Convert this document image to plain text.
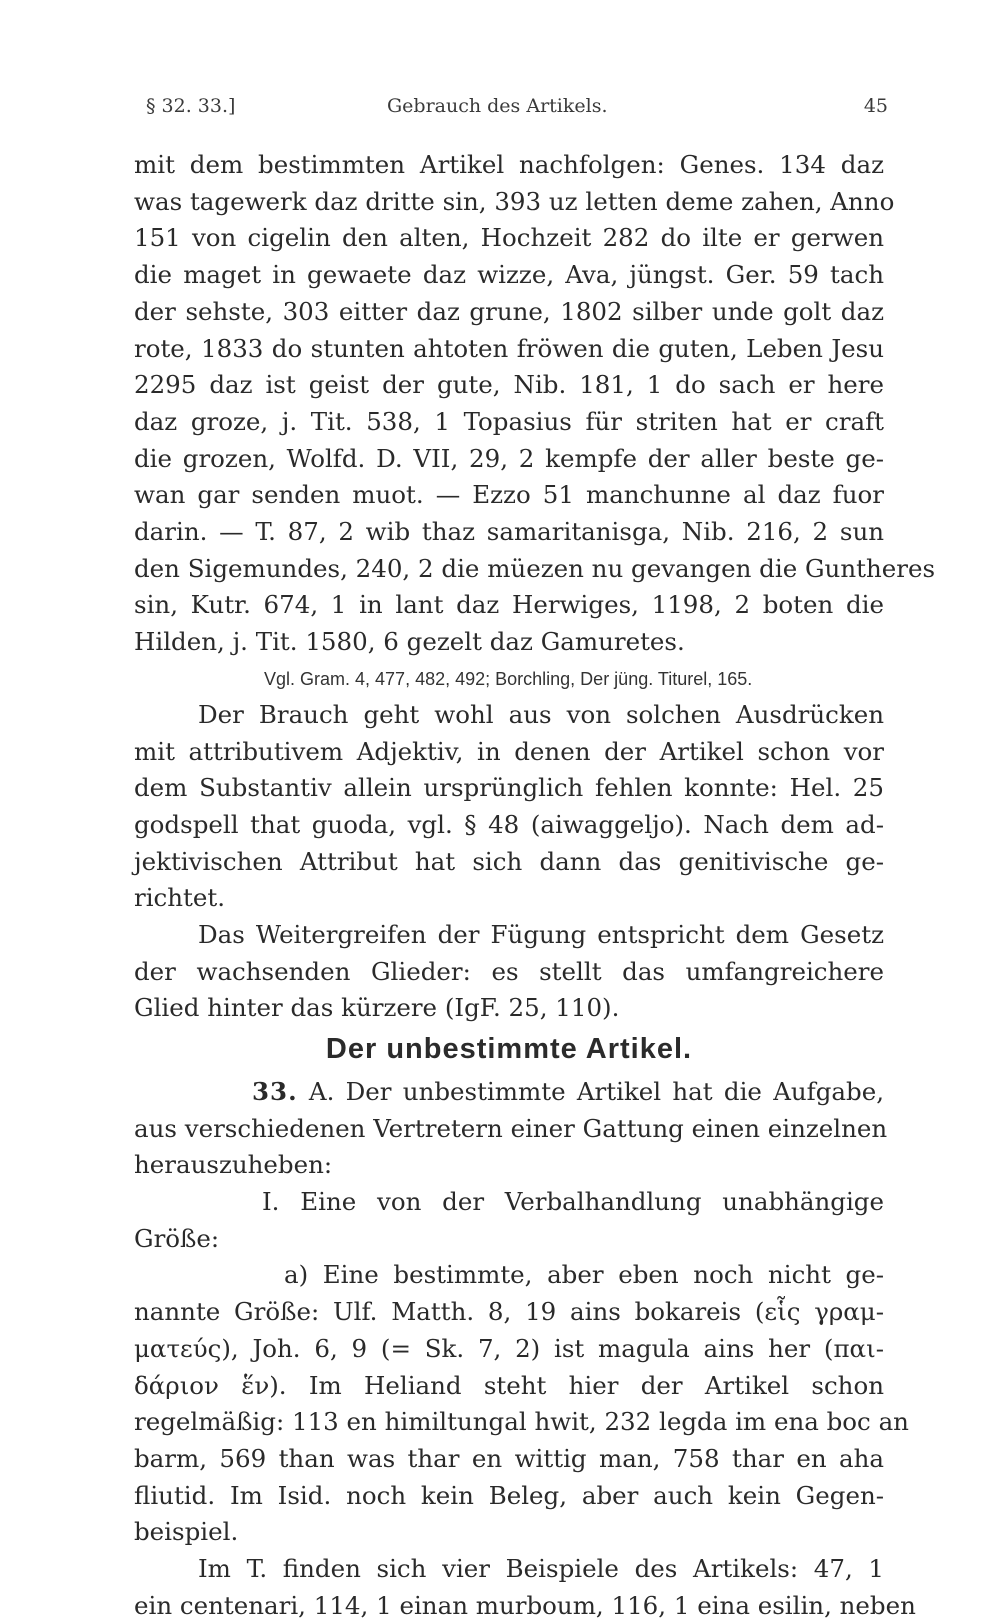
§ 32. 33.]	Gebrauch des Artikels.	45
mit dem bestimmten Artikel nachfolgen: Genes. 134 daz
was tagewerk daz dritte sin, 393 uz letten deme zahen, Anno
151 von cigelin den alten, Hochzeit 282 do ilte er gerwen
die maget in gewaete daz wizze, Ava, jüngst. Ger. 59 tach
der sehste, 303 eitter daz grune, 1802 silber unde golt daz
rote, 1833 do stunten ahtoten fröwen die guten, Leben Jesu
2295 daz ist geist der gute, Nib. 181, 1 do sach er here
daz groze, j. Tit. 538, 1 Topasius für striten hat er craft
die grozen, Wolfd. D. VII, 29, 2 kempfe der aller beste ge-
wan gar senden muot. — Ezzo 51 manchunne al daz fuor
darin. — T. 87, 2 wib thaz samaritanisga, Nib. 216, 2 sun
den Sigemundes, 240, 2 die müezen nu gevangen die Guntheres
sin, Kutr. 674, 1 in lant daz Herwiges, 1198, 2 boten die
Hilden, j. Tit. 1580, 6 gezelt daz Gamuretes.
Vgl. Gram. 4, 477, 482, 492; Borchling, Der jüng. Titurel, 165.
Der Brauch geht wohl aus von solchen Ausdrücken
mit attributivem Adjektiv, in denen der Artikel schon vor
dem Substantiv allein ursprünglich fehlen konnte: Hel. 25
godspell that guoda, vgl. § 48 (aiwaggeljo). Nach dem ad-
jektivischen Attribut hat sich dann das genitivische ge-
richtet.
Das Weitergreifen der Fügung entspricht dem Gesetz
der wachsenden Glieder: es stellt das umfangreichere
Glied hinter das kürzere (IgF. 25, 110).
Der unbestimmte Artikel.
33. A. Der unbestimmte Artikel hat die Aufgabe,
aus verschiedenen Vertretern einer Gattung einen einzelnen
herauszuheben:
I. Eine von der Verbalhandlung unabhängige
Größe:
a) Eine bestimmte, aber eben noch nicht ge-
nannte Größe: Ulf. Matth. 8, 19 ains bokareis (εἷς γραμ-
ματεύς), Joh. 6, 9 (= Sk. 7, 2) ist magula ains her (παι-
δάριον ἕν). Im Heliand steht hier der Artikel schon
regelmäßig: 113 en himiltungal hwit, 232 legda im ena boc an
barm, 569 than was thar en wittig man, 758 thar en aha
fliutid. Im Isid. noch kein Beleg, aber auch kein Gegen-
beispiel.
Im T. finden sich vier Beispiele des Artikels: 47, 1
ein centenari, 114, 1 einan murboum, 116, 1 eina esilin, neben
